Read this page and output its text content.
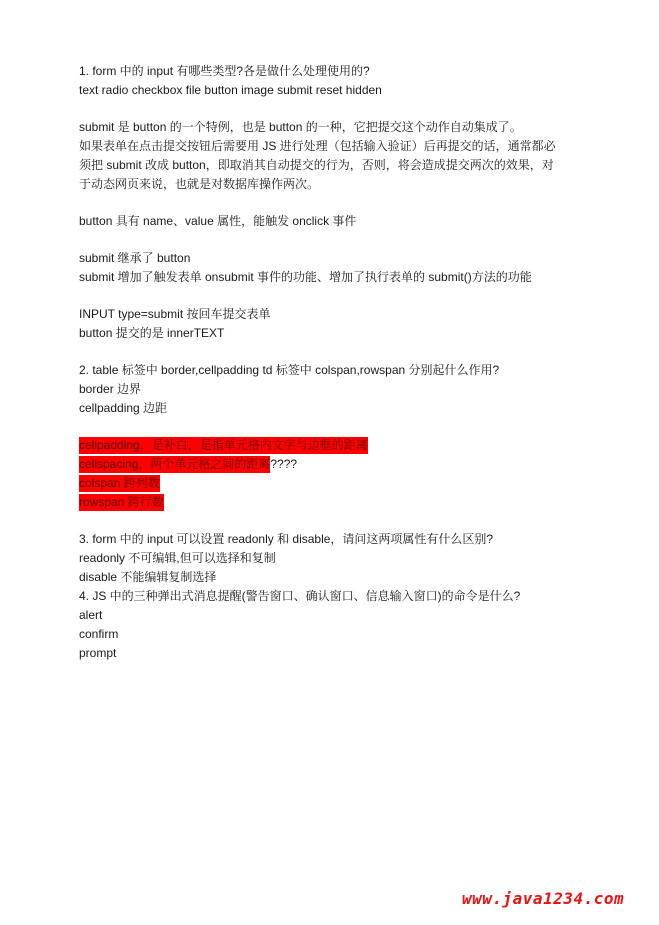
1. form 中的 input 有哪些类型?各是做什么处理使用的?
text radio checkbox file button image submit reset hidden
submit 是 button 的一个特例，也是 button 的一种，它把提交这个动作自动集成了。
如果表单在点击提交按钮后需要用 JS 进行处理（包括输入验证）后再提交的话，通常都必
须把 submit 改成 button，即取消其自动提交的行为，否则，将会造成提交两次的效果，对
于动态网页来说，也就是对数据库操作两次。
button 具有 name、value 属性，能触发 onclick 事件
submit 继承了 button
submit 增加了触发表单 onsubmit 事件的功能、增加了执行表单的 submit()方法的功能
INPUT type=submit 按回车提交表单
button 提交的是 innerTEXT
2. table 标签中 border,cellpadding td 标签中 colspan,rowspan 分别起什么作用?
border 边界
cellpadding 边距
cellpadding，是补白，是指单元格内文字与边框的距离
cellspacing，两个单元格之间的距离????
colspan 跨列数
rowspan 跨行数
3. form 中的 input 可以设置 readonly 和 disable，请问这两项属性有什么区别?
readonly 不可编辑,但可以选择和复制
disable 不能编辑复制选择
4. JS 中的三种弹出式消息提醒(警告窗口、确认窗口、信息输入窗口)的命令是什么?
alert
confirm
prompt
www.java1234.com
